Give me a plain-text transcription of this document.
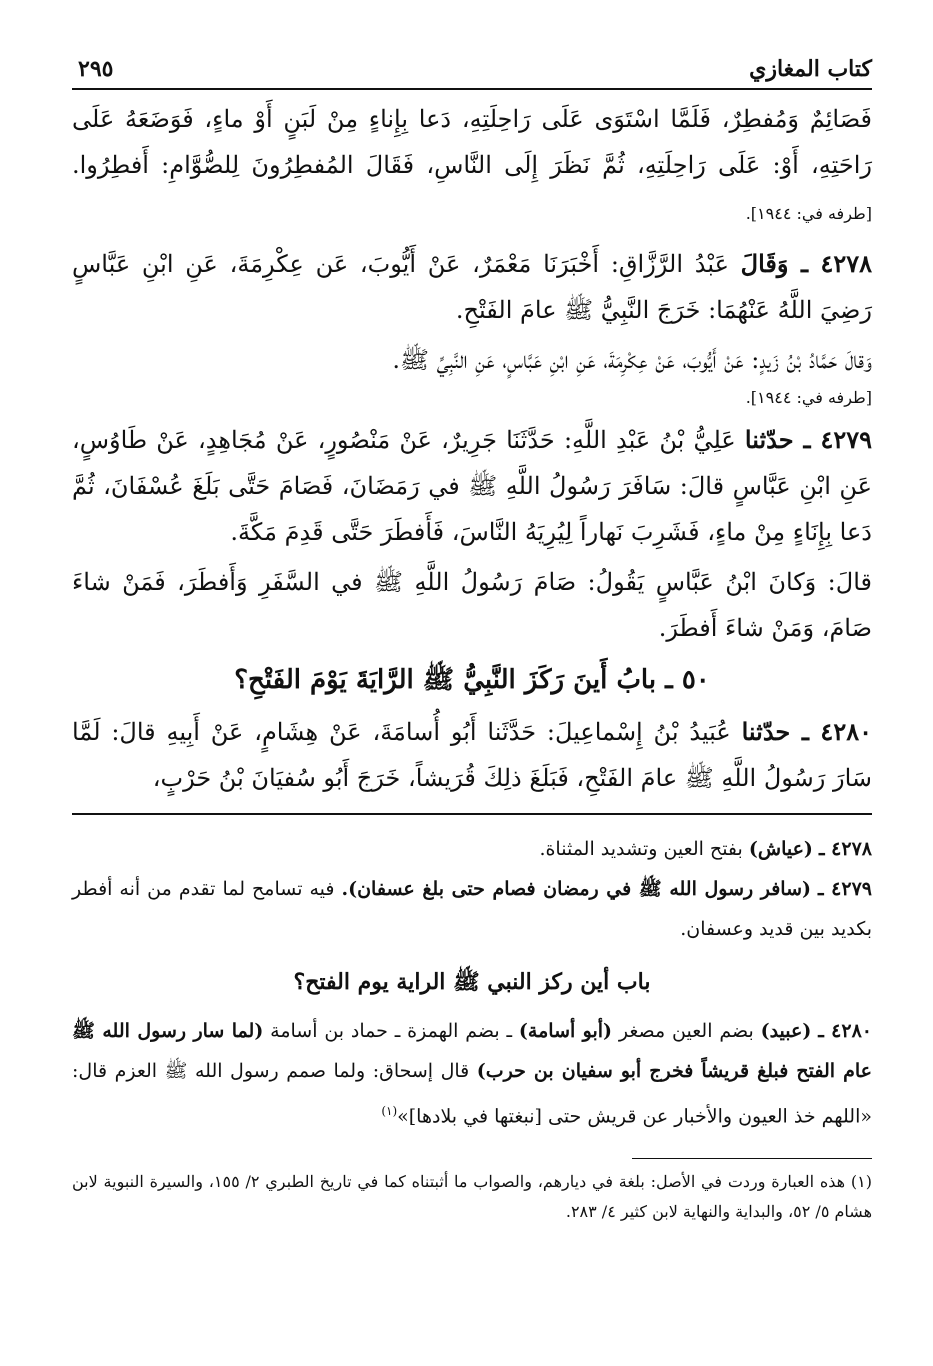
كتاب المغازي
٢٩٥

فَصَائِمٌ وَمُفطِرٌ، فَلَمَّا اسْتَوَى عَلَى رَاحِلَتِهِ، دَعا بِإِناءٍ مِنْ لَبَنٍ أَوْ ماءٍ، فَوَضَعَهُ عَلَى رَاحَتِهِ، أَوْ: عَلَى رَاحِلَتِهِ، ثُمَّ نَظَرَ إِلَى النَّاسِ، فَقَالَ المُفطِرُونَ لِلصُّوَّامِ: أَفطِرُوا. [طرفه في: ١٩٤٤].

٤٢٧٨ ـ وَقَالَ عَبْدُ الرَّزَّاقِ: أَخْبَرَنَا مَعْمَرٌ، عَنْ أَيُّوبَ، عَن عِكْرِمَةَ، عَنِ ابْنِ عَبَّاسٍ رَضِيَ اللَّهُ عَنْهُمَا: خَرَجَ النَّبِيُّ ﷺ عامَ الفَتْحِ.

وَقالَ حَمَّادُ بْنُ زَيدٍ: عَنْ أَيُّوبَ، عَنْ عِكْرِمَةَ، عَنِ ابْنِ عَبَّاسٍ، عَنِ النَّبِيِّ ﷺ.

[طرفه في: ١٩٤٤].

٤٢٧٩ ـ حدّثنا عَلِيُّ بْنُ عَبْدِ اللَّهِ: حَدَّثَنَا جَرِيرٌ، عَنْ مَنْصُورٍ، عَنْ مُجَاهِدٍ، عَنْ طَاوُسٍ، عَنِ ابْنِ عَبَّاسٍ قالَ: سَافَرَ رَسُولُ اللَّهِ ﷺ في رَمَضَانَ، فَصَامَ حَتَّى بَلَغَ عُسْفَانَ، ثُمَّ دَعا بِإِنَاءٍ مِنْ ماءٍ، فَشَرِبَ نَهاراً لِيُرِيَهُ النَّاسَ، فَأَفطَرَ حَتَّى قَدِمَ مَكَّةَ.

قالَ: وَكانَ ابْنُ عَبَّاسٍ يَقُولُ: صَامَ رَسُولُ اللَّهِ ﷺ في السَّفَرِ وَأَفطَرَ، فَمَنْ شاءَ صَامَ، وَمَنْ شاءَ أَفطَرَ.

٥٠ ـ بابُ أَينَ رَكَزَ النَّبِيُّ ﷺ الرَّايَةَ يَوْمَ الفَتْحِ؟

٤٢٨٠ ـ حدّثنا عُبَيدُ بْنُ إِسْماعِيلَ: حَدَّثَنا أَبُو أُسامَةَ، عَنْ هِشَامٍ، عَنْ أَبِيهِ قالَ: لَمَّا سَارَ رَسُولُ اللَّهِ ﷺ عامَ الفَتْحِ، فَبَلَغَ ذلِكَ قُرَيشاً، خَرَجَ أَبُو سُفيَانَ بْنُ حَرْبٍ،

٤٢٧٨ ـ (عياش) بفتح العين وتشديد المثناة.

٤٢٧٩ ـ (سافر رسول الله ﷺ في رمضان فصام حتى بلغ عسفان). فيه تسامح لما تقدم من أنه أفطر بكديد بين قديد وعسفان.

باب أين ركز النبي ﷺ الراية يوم الفتح؟

٤٢٨٠ ـ (عبيد) بضم العين مصغر (أبو أسامة) ـ بضم الهمزة ـ حماد بن أسامة (لما سار رسول الله ﷺ عام الفتح فبلغ قريشاً فخرج أبو سفيان بن حرب) قال إسحاق: ولما صمم رسول الله ﷺ العزم قال: «اللهم خذ العيون والأخبار عن قريش حتى [نبغتها في بلادها]»$^{(١)}$

(١) هذه العبارة وردت في الأصل: بلغة في ديارهم، والصواب ما أثبتناه كما في تاريخ الطبري ٢/ ١٥٥، والسيرة النبوية لابن هشام ٥/ ٥٢، والبداية والنهاية لابن كثير ٤/ ٢٨٣.
